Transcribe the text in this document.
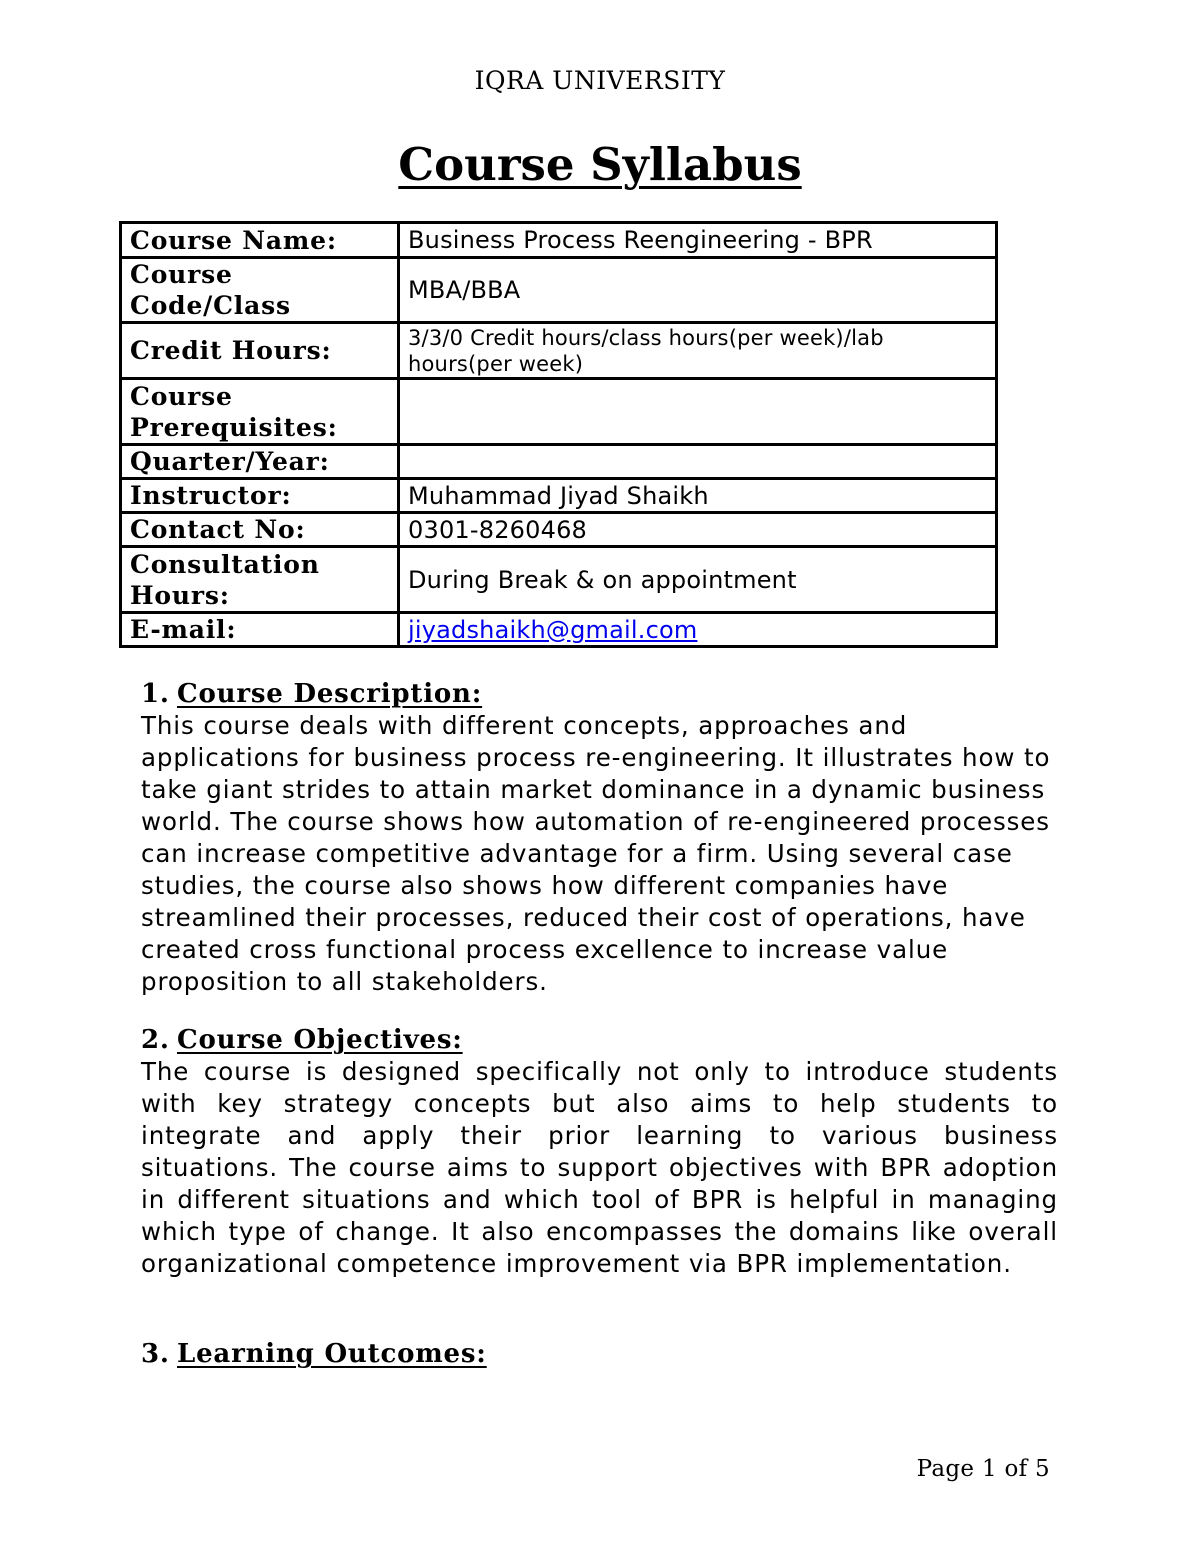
IQRA UNIVERSITY
Course Syllabus
Course Name:	Business Process Reengineering - BPR
Course Code/Class	MBA/BBA
Credit Hours:	3/3/0 Credit hours/class hours(per week)/lab hours(per week)
Course Prerequisites:	
Quarter/Year:	
Instructor:	Muhammad Jiyad Shaikh
Contact No:	0301-8260468
Consultation Hours:	During Break & on appointment
E-mail:	jiyadshaikh@gmail.com
1. Course Description:
This course deals with different concepts, approaches and applications for business process re-engineering. It illustrates how to take giant strides to attain market dominance in a dynamic business world. The course shows how automation of re-engineered processes can increase competitive advantage for a firm. Using several case studies, the course also shows how different companies have streamlined their processes, reduced their cost of operations, have created cross functional process excellence to increase value proposition to all stakeholders.
2. Course Objectives:
The course is designed specifically not only to introduce students with key strategy concepts but also aims to help students to integrate and apply their prior learning to various business situations. The course aims to support objectives with BPR adoption in different situations and which tool of BPR is helpful in managing which type of change. It also encompasses the domains like overall organizational competence improvement via BPR implementation.
3. Learning Outcomes:
Page 1 of 5
